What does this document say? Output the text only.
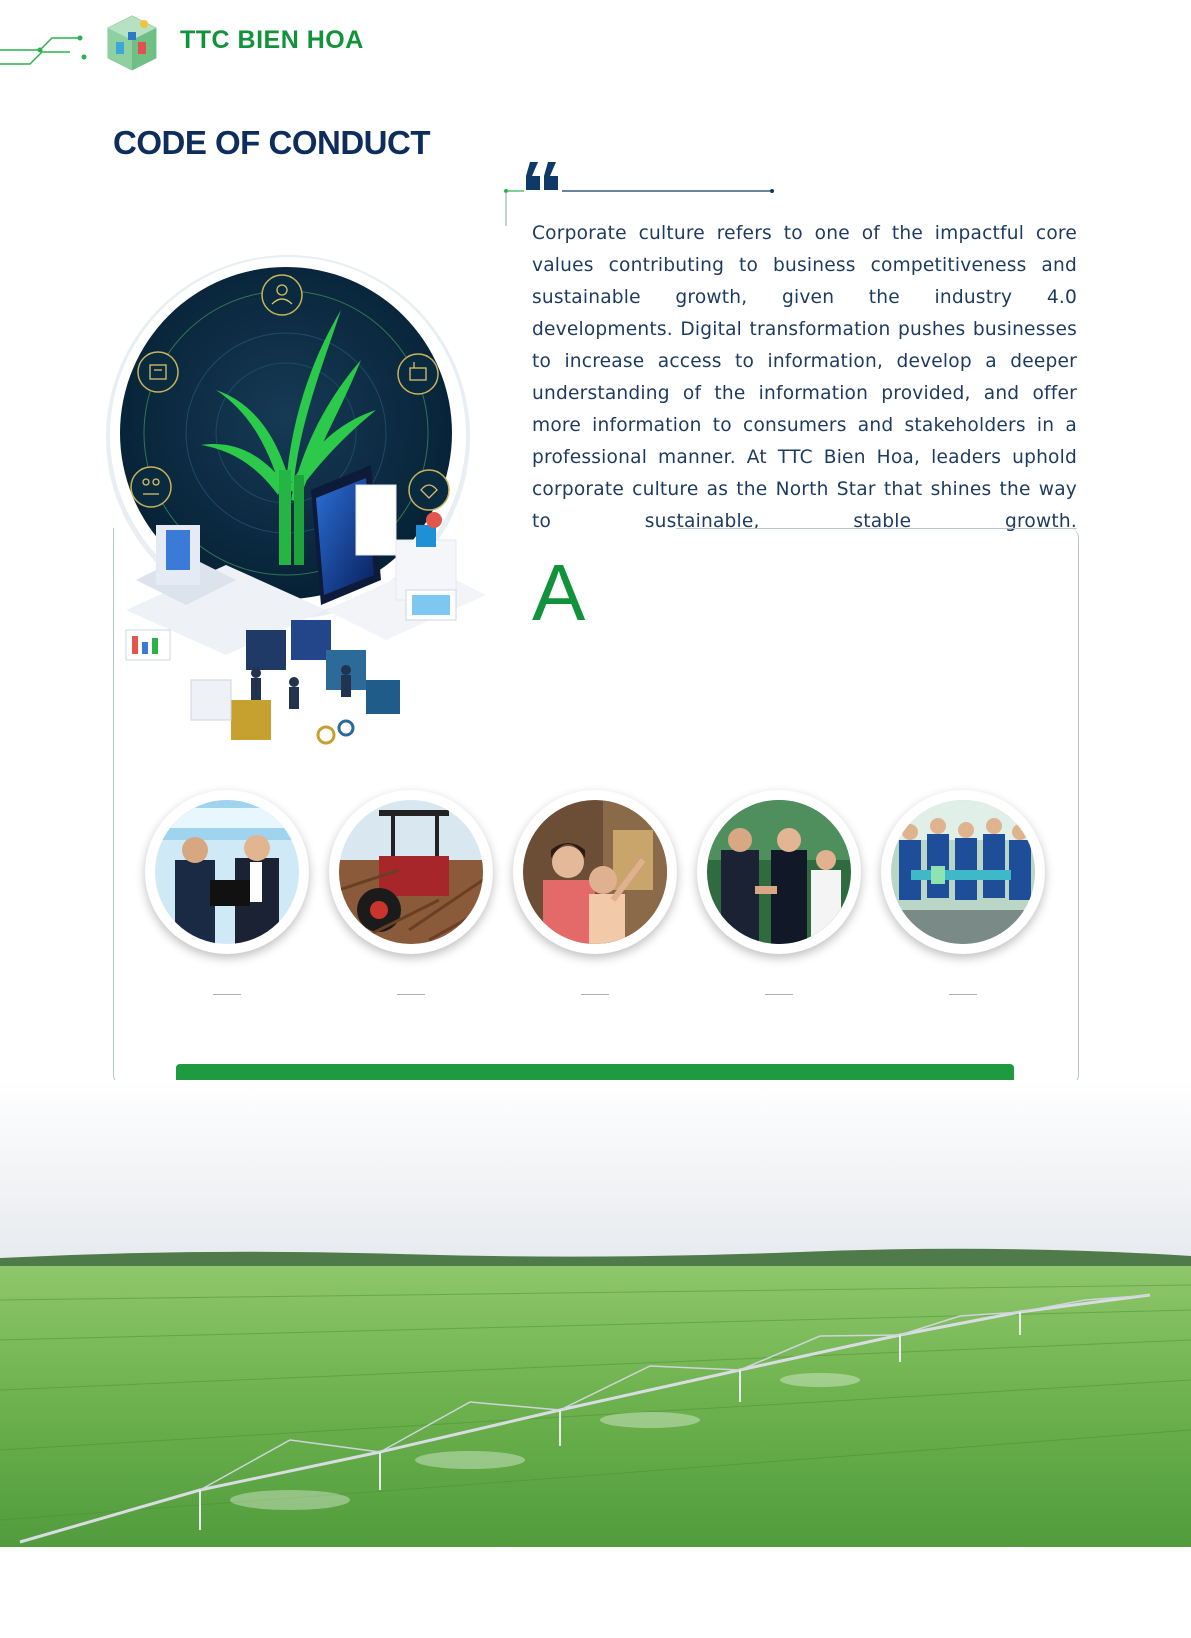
TTC BIEN HOA
CODE OF CONDUCT
Corporate culture refers to one of the impactful core values contributing to business competitiveness and sustainable growth, given the industry 4.0 developments. Digital transformation pushes businesses to increase access to information, develop a deeper understanding of the information provided, and offer more information to consumers and stakeholders in a professional manner. At TTC Bien Hoa, leaders uphold corporate culture as the North Star that shines the way to sustainable, stable growth.
A
